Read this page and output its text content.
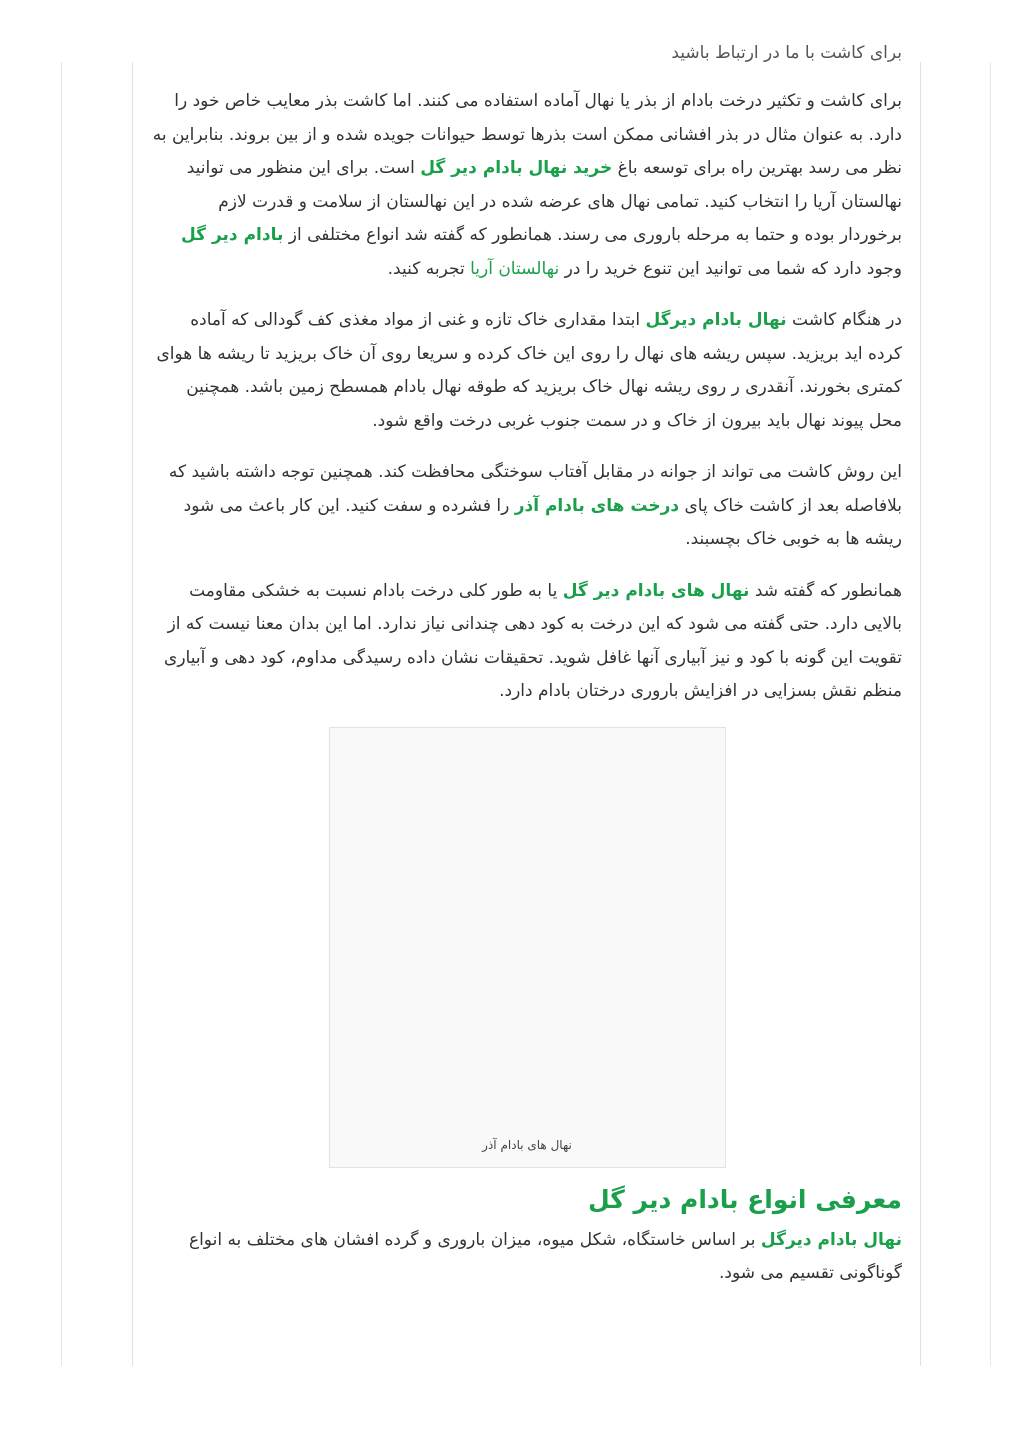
برای کاشت با ما در ارتباط باشید

برای کاشت و تکثیر درخت بادام از بذر یا نهال آماده استفاده می کنند. اما کاشت بذر معایب خاص خود را دارد. به عنوان مثال در بذر افشانی ممکن است بذرها توسط حیوانات جویده شده و از بین بروند. بنابراین به نظر می رسد بهترین راه برای توسعه باغ خرید نهال بادام دیر گل است. برای این منظور می توانید نهالستان آریا را انتخاب کنید. تمامی نهال های عرضه شده در این نهالستان از سلامت و قدرت لازم برخوردار بوده و حتما به مرحله باروری می رسند. همانطور که گفته شد انواع مختلفی از بادام دیر گل وجود دارد که شما می توانید این تنوع خرید را در نهالستان آریا تجربه کنید.

در هنگام کاشت نهال بادام دیرگل ابتدا مقداری خاک تازه و غنی از مواد مغذی کف گودالی که آماده کرده اید بریزید. سپس ریشه های نهال را روی این خاک کرده و سریعا روی آن خاک بریزید تا ریشه ها هوای کمتری بخورند. آنقدری ر روی ریشه نهال خاک بریزید که طوقه نهال بادام همسطح زمین باشد. همچنین محل پیوند نهال باید بیرون از خاک و در سمت جنوب غربی درخت واقع شود.

این روش کاشت می تواند از جوانه در مقابل آفتاب سوختگی محافظت کند. همچنین توجه داشته باشید که بلافاصله بعد از کاشت خاک پای درخت های بادام آذر را فشرده و سفت کنید. این کار باعث می شود ریشه ها به خوبی خاک بچسبند.

همانطور که گفته شد نهال های بادام دیر گل یا به طور کلی درخت بادام نسبت به خشکی مقاومت بالایی دارد. حتی گفته می شود که این درخت به کود دهی چندانی نیاز ندارد. اما این بدان معنا نیست که از تقویت این گونه با کود و نیز آبیاری آنها غافل شوید. تحقیقات نشان داده رسیدگی مداوم، کود دهی و آبیاری منظم نقش بسزایی در افزایش باروری درختان بادام دارد.

نهال های بادام آذر
معرفی انواع بادام دیر گل

نهال بادام دیرگل بر اساس خاستگاه، شکل میوه، میزان باروری و گرده افشان های مختلف به انواع گوناگونی تقسیم می شود.
